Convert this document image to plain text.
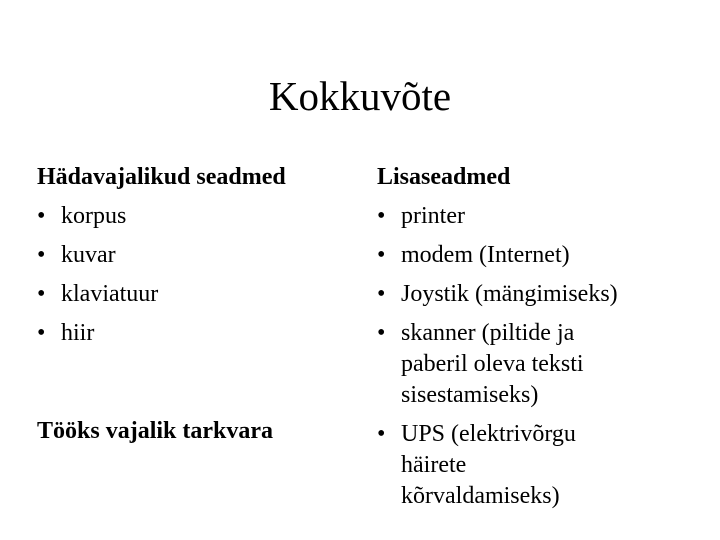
Kokkuvõte
Hädavajalikud seadmed
• korpus
• kuvar
• klaviatuur
• hiir
Tööks vajalik tarkvara
Lisaseadmed
• printer
• modem (Internet)
• Joystik (mängimiseks)
• skanner (piltide ja paberil oleva teksti sisestamiseks)
• UPS (elektrivõrgu häirete kõrvaldamiseks)
